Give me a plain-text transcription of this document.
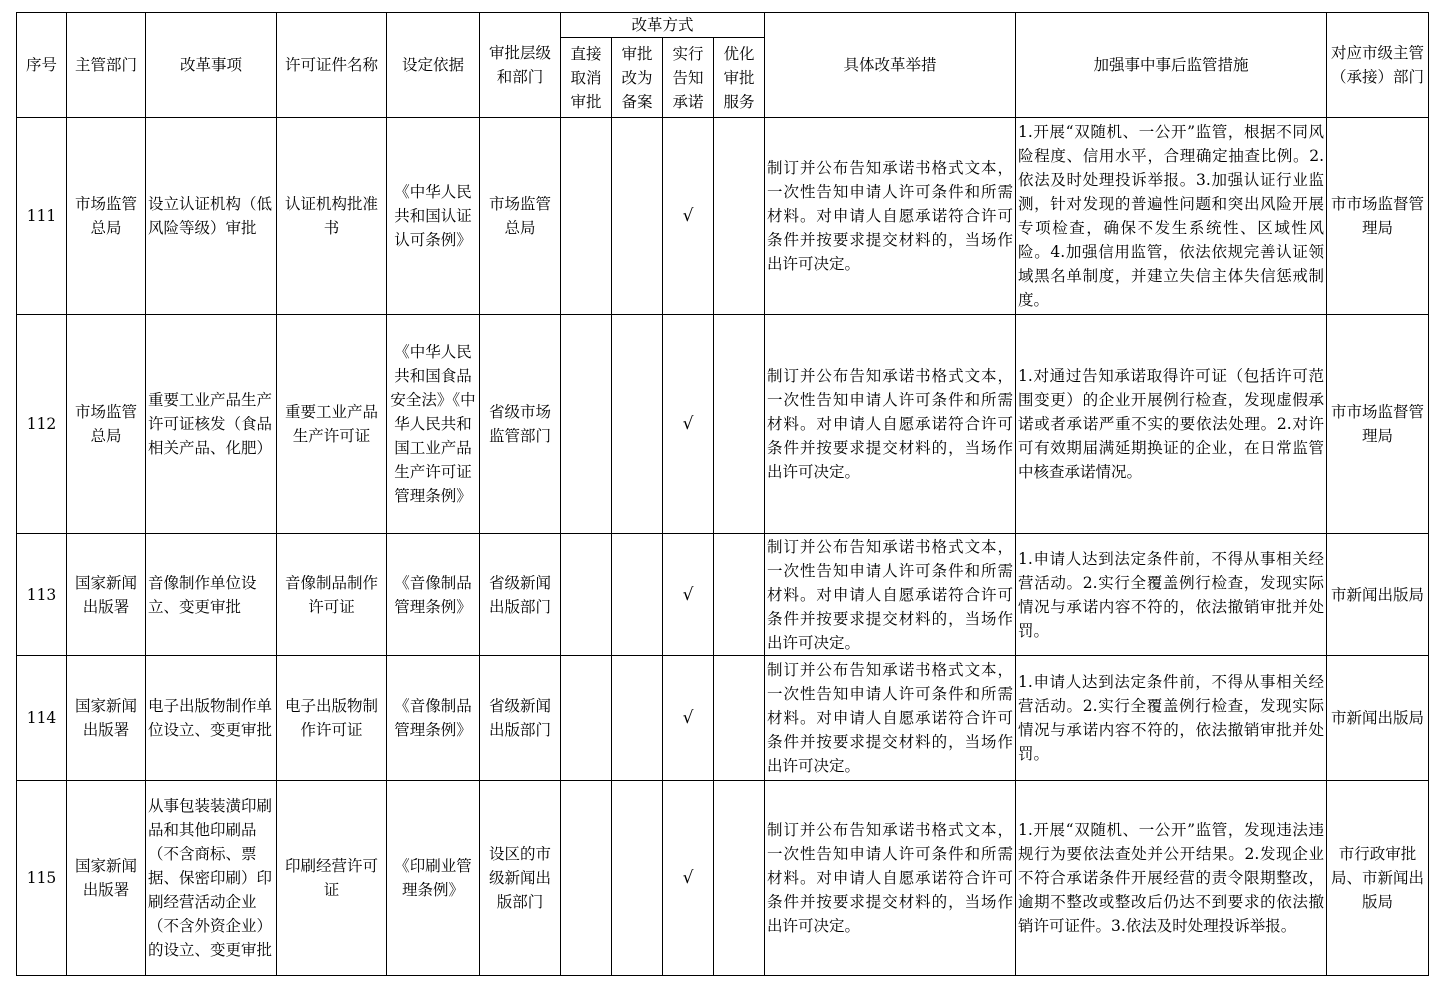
序号	主管部门	改革事项	许可证件名称	设定依据	审批层级和部门	改革方式				具体改革举措	加强事中事后监管措施	对应市级主管（承接）部门
						直接取消审批	审批改为备案	实行告知承诺	优化审批服务			
111	市场监管总局	设立认证机构（低风险等级）审批	认证机构批准书	《中华人民共和国认证认可条例》	市场监管总局			√		制订并公布告知承诺书格式文本，一次性告知申请人许可条件和所需材料。对申请人自愿承诺符合许可条件并按要求提交材料的，当场作出许可决定。	1.开展“双随机、一公开”监管，根据不同风险程度、信用水平，合理确定抽查比例。2.依法及时处理投诉举报。3.加强认证行业监测，针对发现的普遍性问题和突出风险开展专项检查，确保不发生系统性、区域性风险。4.加强信用监管，依法依规完善认证领域黑名单制度，并建立失信主体失信惩戒制度。	市市场监督管理局
112	市场监管总局	重要工业产品生产许可证核发（食品相关产品、化肥）	重要工业产品生产许可证	《中华人民共和国食品安全法》《中华人民共和国工业产品生产许可证管理条例》	省级市场监管部门			√		制订并公布告知承诺书格式文本，一次性告知申请人许可条件和所需材料。对申请人自愿承诺符合许可条件并按要求提交材料的，当场作出许可决定。	1.对通过告知承诺取得许可证（包括许可范围变更）的企业开展例行检查，发现虚假承诺或者承诺严重不实的要依法处理。2.对许可有效期届满延期换证的企业，在日常监管中核查承诺情况。	市市场监督管理局
113	国家新闻出版署	音像制作单位设立、变更审批	音像制品制作许可证	《音像制品管理条例》	省级新闻出版部门			√		制订并公布告知承诺书格式文本，一次性告知申请人许可条件和所需材料。对申请人自愿承诺符合许可条件并按要求提交材料的，当场作出许可决定。	1.申请人达到法定条件前，不得从事相关经营活动。2.实行全覆盖例行检查，发现实际情况与承诺内容不符的，依法撤销审批并处罚。	市新闻出版局
114	国家新闻出版署	电子出版物制作单位设立、变更审批	电子出版物制作许可证	《音像制品管理条例》	省级新闻出版部门			√		制订并公布告知承诺书格式文本，一次性告知申请人许可条件和所需材料。对申请人自愿承诺符合许可条件并按要求提交材料的，当场作出许可决定。	1.申请人达到法定条件前，不得从事相关经营活动。2.实行全覆盖例行检查，发现实际情况与承诺内容不符的，依法撤销审批并处罚。	市新闻出版局
115	国家新闻出版署	从事包装装潢印刷品和其他印刷品（不含商标、票据、保密印刷）印刷经营活动企业（不含外资企业）的设立、变更审批	印刷经营许可证	《印刷业管理条例》	设区的市级新闻出版部门			√		制订并公布告知承诺书格式文本，一次性告知申请人许可条件和所需材料。对申请人自愿承诺符合许可条件并按要求提交材料的，当场作出许可决定。	1.开展“双随机、一公开”监管，发现违法违规行为要依法查处并公开结果。2.发现企业不符合承诺条件开展经营的责令限期整改，逾期不整改或整改后仍达不到要求的依法撤销许可证件。3.依法及时处理投诉举报。	市行政审批局、市新闻出版局
